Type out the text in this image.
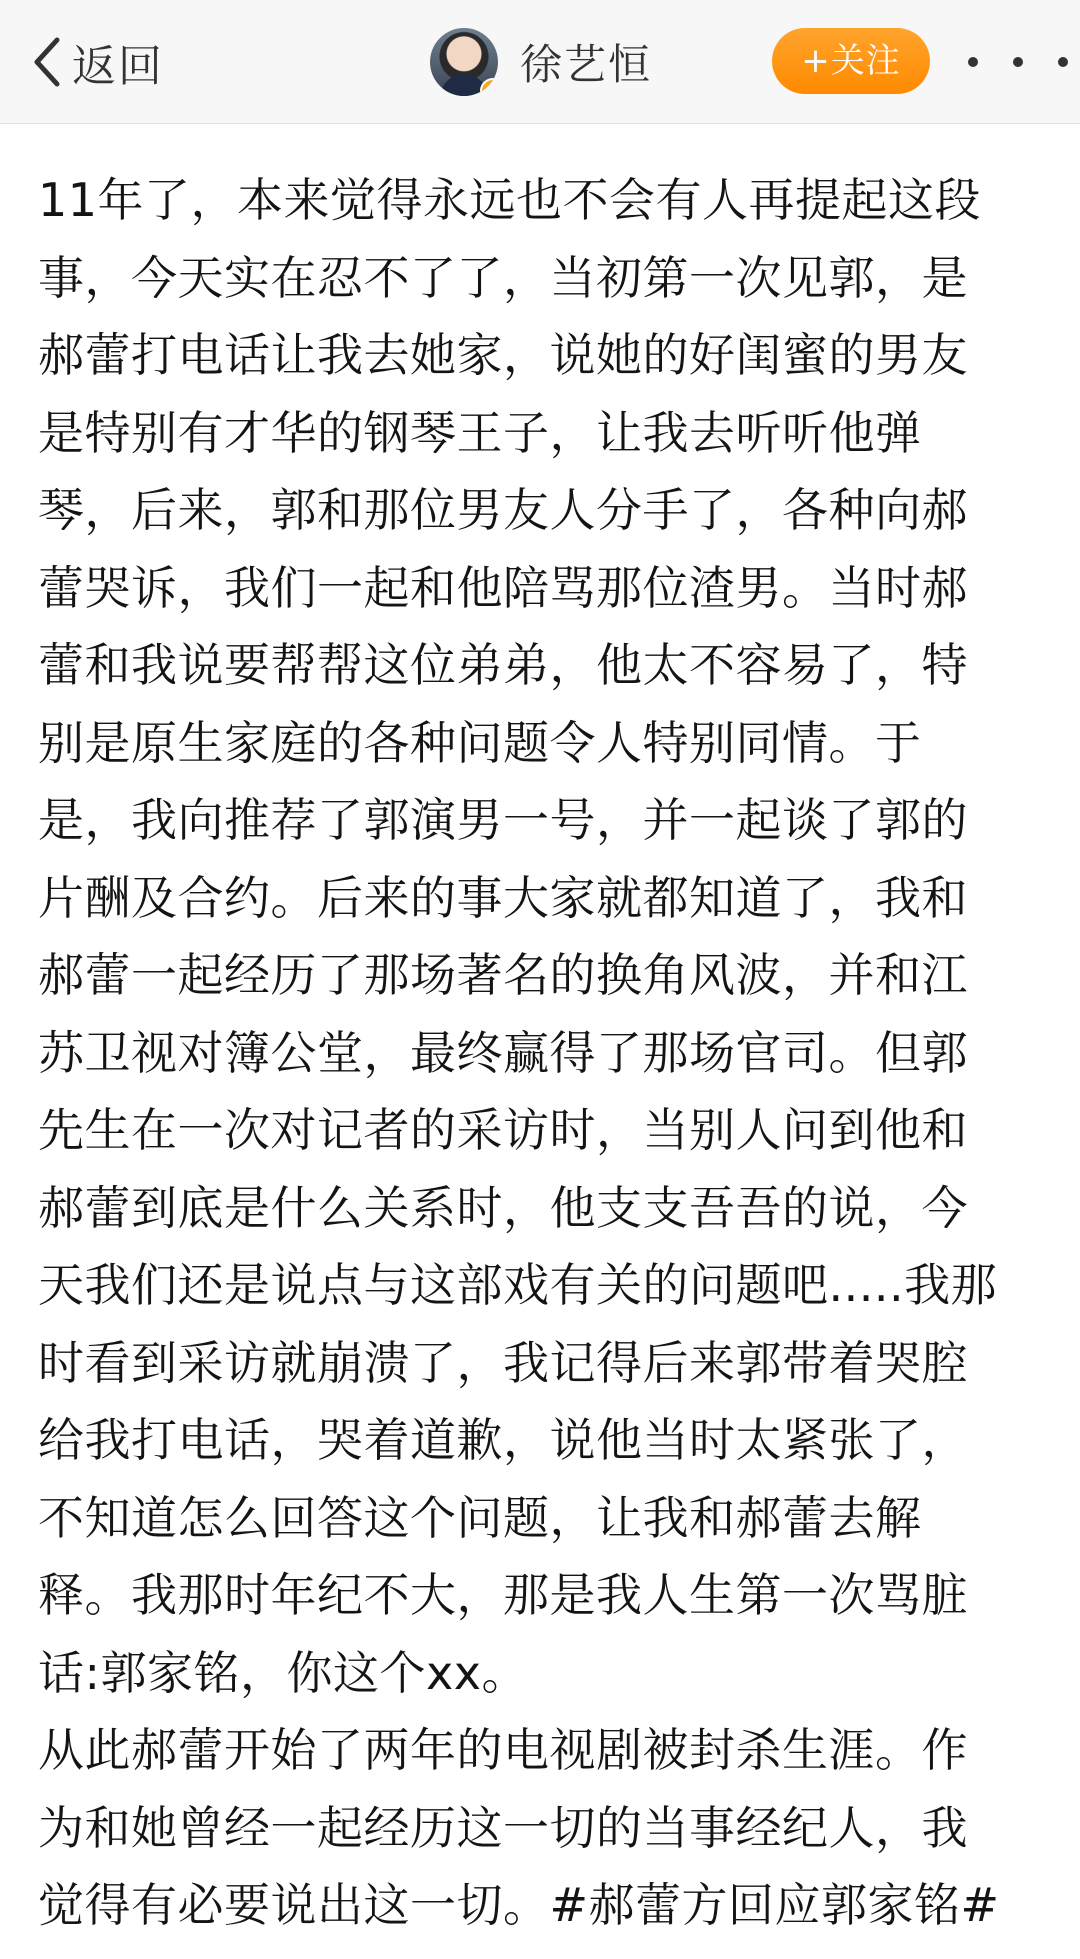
返回	✓
徐艺恒	+关注
11年了，本来觉得永远也不会有人再提起这段
事，今天实在忍不了了，当初第一次见郭，是
郝蕾打电话让我去她家，说她的好闺蜜的男友
是特别有才华的钢琴王子，让我去听听他弹
琴，后来，郭和那位男友人分手了，各种向郝
蕾哭诉，我们一起和他陪骂那位渣男。当时郝
蕾和我说要帮帮这位弟弟，他太不容易了，特
别是原生家庭的各种问题令人特别同情。于
是，我向推荐了郭演男一号，并一起谈了郭的
片酬及合约。后来的事大家就都知道了，我和
郝蕾一起经历了那场著名的换角风波，并和江
苏卫视对簿公堂，最终赢得了那场官司。但郭
先生在一次对记者的采访时，当别人问到他和
郝蕾到底是什么关系时，他支支吾吾的说，今
天我们还是说点与这部戏有关的问题吧.....我那
时看到采访就崩溃了，我记得后来郭带着哭腔
给我打电话，哭着道歉，说他当时太紧张了，
不知道怎么回答这个问题，让我和郝蕾去解
释。我那时年纪不大，那是我人生第一次骂脏
话:郭家铭，你这个xx。
从此郝蕾开始了两年的电视剧被封杀生涯。作
为和她曾经一起经历这一切的当事经纪人，我
觉得有必要说出这一切。#郝蕾方回应郭家铭#
